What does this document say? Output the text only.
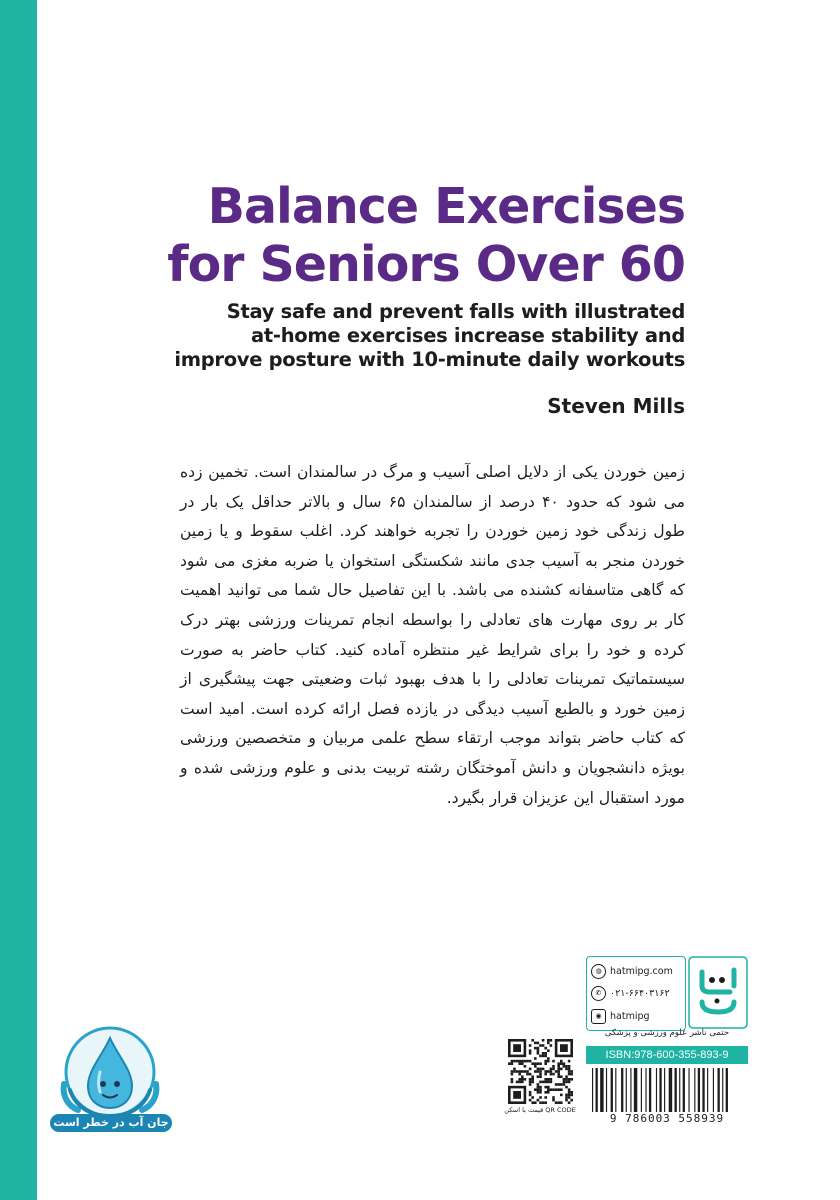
Balance Exercises
for Seniors Over 60
Stay safe and prevent falls with illustrated
at-home exercises increase stability and
improve posture with 10-minute daily workouts
Steven Mills

زمین خوردن یکی از دلایل اصلی آسیب و مرگ در سالمندان است. تخمین زده می شود که حدود ۴۰ درصد از سالمندان ۶۵ سال و بالاتر حداقل یک بار در طول زندگی خود زمین خوردن را تجربه خواهند کرد. اغلب سقوط و یا زمین خوردن منجر به آسیب جدی مانند شکستگی استخوان یا ضربه مغزی می شود که گاهی متاسفانه کشنده می باشد. با این تفاصیل حال شما می توانید اهمیت کار بر روی مهارت های تعادلی را بواسطه انجام تمرینات ورزشی بهتر درک کرده و خود را برای شرایط غیر منتظره آماده کنید. کتاب حاضر به صورت سیستماتیک تمرینات تعادلی را با هدف بهبود ثبات وضعیتی جهت پیشگیری از زمین خورد و بالطبع آسیب دیدگی در یازده فصل ارائه کرده است. امید است که کتاب حاضر بتواند موجب ارتقاء سطح علمی مربیان و متخصصین ورزشی بویژه دانشجویان و دانش آموختگان رشته تربیت بدنی و علوم ورزشی شده و مورد استقبال این عزیزان قرار بگیرد.

◍ hatmipg.com
✆ ۰۲۱-۶۶۴۰۳۱۶۲
◉ hatmipg
حتمی ناشر علوم ورزشی و پزشکی
ISBN:978-600-355-893-9
9 786003 558939
قیمت با اسکن QR CODE
جان آب در خطر است
